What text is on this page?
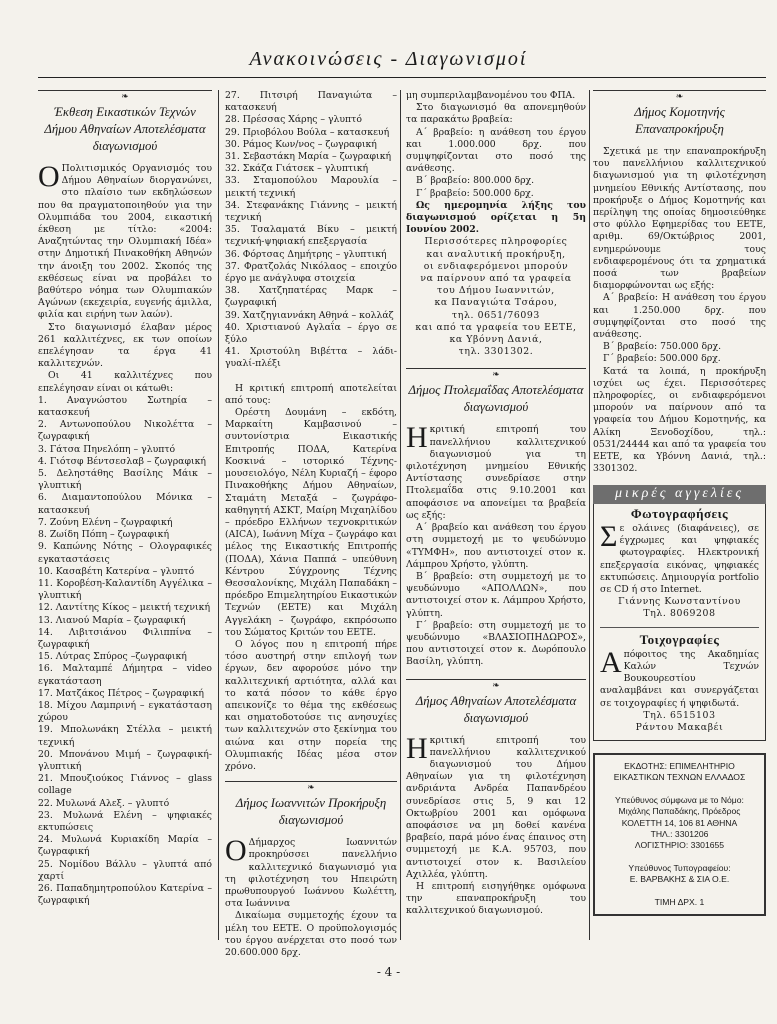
Ανακοινώσεις - Διαγωνισμοί
❧
Έκθεση Εικαστικών Τεχνών Δήμου Αθηναίων Αποτελέσματα διαγωνισμού
Ο Πολιτισμικός Οργανισμός του Δήμου Αθηναίων διοργανώνει, στο πλαίσιο των εκδηλώσεων που θα πραγματοποιηθούν για την Ολυμπιάδα του 2004, εικαστική έκθεση με τίτλο: «2004: Αναζητώντας την Ολυμπιακή Ιδέα» στην Δημοτική Πινακοθήκη Αθηνών την άνοιξη του 2002. Σκοπός της εκθέσεως είναι να προβάλει το βαθύτερο νόημα των Ολυμπιακών Αγώνων (εκεχειρία, ευγενής άμιλλα, φιλία και ειρήνη των λαών).
Στο διαγωνισμό έλαβαν μέρος 261 καλλιτέχνες, εκ των οποίων επελέγησαν τα έργα 41 καλλιτεχνών.
Οι 41 καλλιτέχνες που επελέγησαν είναι οι κάτωθι:
1. Αναγνώστου Σωτηρία – κατασκευή
2. Αντωνοπούλου Νικολέττα – ζωγραφική
3. Γάτσα Πηνελόπη – γλυπτό
4. Γιότσφ Βέντσεσλαβ – ζωγραφική
5. Δεληστάθης Βασίλης Μάικ – γλυπτική
6. Διαμαντοπούλου Μόνικα – κατασκευή
7. Ζούνη Ελένη – ζωγραφική
8. Ζωίδη Πόπη – ζωγραφική
9. Καπώνης Νότης – Ολογραφικές εγκαταστάσεις
10. Κασαβέτη Κατερίνα – γλυπτό
11. Κοροβέση-Καλαντίδη Αγγέλικα – γλυπτική
12. Λαντίτης Κίκος – μεικτή τεχνική
13. Λιανού Μαρία – ζωγραφική
14. Λιβιτσιάνου Φιλιππίνα – ζωγραφική
15. Λύτρας Σπύρος –ζωγραφική
16. Μαλταμπέ Δήμητρα – video εγκατάσταση
17. Ματζάκος Πέτρος – ζωγραφική
18. Μίχου Λαμπρινή – εγκατάσταση χώρου
19. Μπολωνάκη Στέλλα – μεικτή τεχνική
20. Μπονάνου Μιμή – ζωγραφική-γλυπτική
21. Μπουζιούκος Γιάννος – glass collage
22. Μυλωνά Αλεξ. – γλυπτό
23. Μυλωνά Ελένη – ψηφιακές εκτυπώσεις
24. Μυλωνά Κυριακίδη Μαρία – ζωγραφική
25. Νομίδου Βάλλυ – γλυπτά από χαρτί
26. Παπαδημητροπούλου Κατερίνα – ζωγραφική
27. Πιτσιρή Παναγιώτα – κατασκευή
28. Πρέσσας Χάρης – γλυπτό
29. Πριοβόλου Βούλα – κατασκευή
30. Ράμος Κων/νος – ζωγραφική
31. Σεβαστάκη Μαρία – ζωγραφική
32. Σκάζα Γιάτσεκ – γλυπτική
33. Σταμοπούλου Μαρουλία – μεικτή τεχνική
34. Στεφανάκης Γιάννης – μεικτή τεχνική
35. Τσαλαματά Βίκυ – μεικτή τεχνική-ψηφιακή επεξεργασία
36. Φόρτσας Δημήτρης – γλυπτική
37. Φρατζολάς Νικόλαος – εποιχύο έργο με ανάγλυφα στοιχεία
38. Χατζηπατέρας Μαρκ – ζωγραφική
39. Χατζηγιαννάκη Αθηνά – κολλάζ
40. Χριστιανού Αγλαΐα – έργο σε ξύλο
41. Χριστούλη Βιβέττα – λάδι-γυαλί-πλέξι
Η κριτική επιτροπή αποτελείται από τους:
Ορέστη Δουμάνη – εκδότη, Μαρκαίτη Καμβασινού – συντονίστρια Εικαστικής Επιτροπής ΠΟΔΑ, Κατερίνα Κοσκινά – ιστορικό Τέχνης-μουσειολόγο, Νέλη Κυριαζή – έφορο Πινακοθήκης Δήμου Αθηναίων, Σταμάτη Μεταξά – ζωγράφο-καθηγητή ΑΣΚΤ, Μαίρη Μιχαηλίδου – πρόεδρο Ελλήνων τεχνοκριτικών (AICA), Ιωάννη Μίχα – ζωγράφο και μέλος της Εικαστικής Επιτροπής (ΠΟΔΑ), Χάνια Παππά – υπεύθυνη Κέντρου Σύγχρονης Τέχνης Θεσσαλονίκης, Μιχάλη Παπαδάκη – πρόεδρο Επιμελητηρίου Εικαστικών Τεχνών (ΕΕΤΕ) και Μιχάλη Αγγελάκη – ζωγράφο, εκπρόσωπο του Σώματος Κριτών του ΕΕΤΕ.
Ο λόγος που η επιτροπή πήρε τόσο αυστηρή στην επιλογή των έργων, δεν αφορούσε μόνο την καλλιτεχνική αρτιότητα, αλλά και το κατά πόσον το κάθε έργο απεικονίζε το θέμα της εκθέσεως και σηματοδοτούσε τις ανησυχίες των καλλιτεχνών στο ξεκίνημα του αιώνα και στην πορεία της Ολυμπιακής Ιδέας μέσα στον χρόνο.
❧
Δήμος Ιωαννιτών Προκήρυξη διαγωνισμού
Ο Δήμαρχος Ιωαννιτών προκηρύσσει πανελλήνιο καλλιτεχνικό διαγωνισμό για τη φιλοτέχνηση του Ηπειρώτη πρωθυπουργού Ιωάννου Κωλέττη, στα Ιωάννινα
Δικαίωμα συμμετοχής έχουν τα μέλη του ΕΕΤΕ. Ο προϋπολογισμός του έργου ανέρχεται στο ποσό των 20.600.000 δρχ.
μη συμπεριλαμβανομένου του ΦΠΑ.
Στο διαγωνισμό θα απονεμηθούν τα παρακάτω βραβεία:
Α΄ βραβείο: η ανάθεση του έργου και 1.000.000 δρχ. που συμψηφίζονται στο ποσό της ανάθεσης.
Β΄ βραβείο: 800.000 δρχ.
Γ΄ βραβείο: 500.000 δρχ.
Ως ημερομηνία λήξης του διαγωνισμού ορίζεται η 5η Ιουνίου 2002.
Περισσότερες πληροφορίες
και αναλυτική προκήρυξη,
οι ενδιαφερόμενοι μπορούν
να παίρνουν από τα γραφεία
του Δήμου Ιωαννιτών,
κα Παναγιώτα Τσάρου,
τηλ. 0651/76093
και από τα γραφεία του ΕΕΤΕ,
κα Υβόννη Δανιά,
τηλ. 3301302.
❧
Δήμος Πτολεμαΐδας Αποτελέσματα διαγωνισμού
Ηκριτική επιτροπή του πανελλήνιου καλλιτεχνικού διαγωνισμού για τη φιλοτέχνηση μνημείου Εθνικής Αντίστασης συνεδρίασε στην Πτολεμαΐδα στις 9.10.2001 και αποφάσισε να απονείμει τα βραβεία ως εξής:
Α΄ βραβείο και ανάθεση του έργου στη συμμετοχή με το ψευδώνυμο «ΤΥΜΦΗ», που αντιστοιχεί στον κ. Λάμπρου Χρήστο, γλύπτη.
Β΄ βραβείο: στη συμμετοχή με το ψευδώνυμο «ΑΠΟΛΛΩΝ», που αντιστοιχεί στον κ. Λάμπρου Χρήστο, γλύπτη.
Γ΄ βραβείο: στη συμμετοχή με το ψευδώνυμο «ΒΛΑΣΙΟΠΗΔΩΡΟΣ», που αντιστοιχεί στον κ. Δωρόπουλο Βασίλη, γλύπτη.
❧
Δήμος Αθηναίων Αποτελέσματα διαγωνισμού
Ηκριτική επιτροπή του πανελλήνιου καλλιτεχνικού διαγωνισμού του Δήμου Αθηναίων για τη φιλοτέχνηση ανδριάντα Ανδρέα Παπανδρέου συνεδρίασε στις 5, 9 και 12 Οκτωβρίου 2001 και ομόφωνα αποφάσισε να μη δοθεί κανένα βραβείο, παρά μόνο ένας έπαινος στη συμμετοχή με Κ.Α. 95703, που αντιστοιχεί στον κ. Βασιλείου Αχιλλέα, γλύπτη.
Η επιτροπή εισηγήθηκε ομόφωνα την επαναπροκήρυξη του καλλιτεχνικού διαγωνισμού.
❧
Δήμος Κομοτηνής Επαναπροκήρυξη
Σχετικά με την επαναπροκήρυξη του πανελλήνιου καλλιτεχνικού διαγωνισμού για τη φιλοτέχνηση μνημείου Εθνικής Αντίστασης, που προκήρυξε ο Δήμος Κομοτηνής και περίληψη της οποίας δημοσιεύθηκε στο φύλλο Εφημερίδας του ΕΕΤΕ, αριθμ. 69/Οκτώβριος 2001, ενημερώνουμε τους ενδιαφερομένους ότι τα χρηματικά ποσά των βραβείων διαμορφώνονται ως εξής:
Α΄ βραβείο: Η ανάθεση του έργου και 1.250.000 δρχ. που συμψηφίζονται στο ποσό της ανάθεσης.
Β΄ βραβείο: 750.000 δρχ.
Γ΄ βραβείο: 500.000 δρχ.
Κατά τα λοιπά, η προκήρυξη ισχύει ως έχει. Περισσότερες πληροφορίες, οι ενδιαφερόμενοι μπορούν να παίρνουν από τα γραφεία του Δήμου Κομοτηνής, κα Αλίκη Ξενοδοχίδου, τηλ.: 0531/24444 και από τα γραφεία του ΕΕΤΕ, κα Υβόννη Δανιά, τηλ.: 3301302.
μικρές αγγελίες
Φωτογραφήσεις
Σε ολάινες (διαφάνειες), σε έγχρωμες και ψηφιακές φωτογραφίες. Ηλεκτρονική επεξεργασία εικόνας, ψηφιακές εκτυπώσεις. Δημιουργία portfolio σε CD ή στο Internet.
Γιάννης Κωνσταντίνου
Τηλ. 8069208
Τοιχογραφίες
Απόφοιτος της Ακαδημίας Καλών Τεχνών Βουκουρεστίου αναλαμβάνει και συνεργάζεται σε τοιχογραφίες ή ψηφιδωτά.
Τηλ. 6515103
Ράντου Μακαβέι
ΕΚΔΟΤΗΣ: ΕΠΙΜΕΛΗΤΗΡΙΟ
ΕΙΚΑΣΤΙΚΩΝ ΤΕΧΝΩΝ ΕΛΛΑΔΟΣ

Υπεύθυνος σύμφωνα με το Νόμο:
Μιχάλης Παπαδάκης, Πρόεδρος
ΚΟΛΕΤΤΗ 14, 106 81 ΑΘΗΝΑ
ΤΗΛ.: 3301206
ΛΟΓΙΣΤΗΡΙΟ: 3301655

Υπεύθυνος Τυπογραφείου:
Ε. ΒΑΡΒΑΚΗΣ & ΣΙΑ Ο.Ε.

ΤΙΜΗ ΔΡΧ. 1
- 4 -
